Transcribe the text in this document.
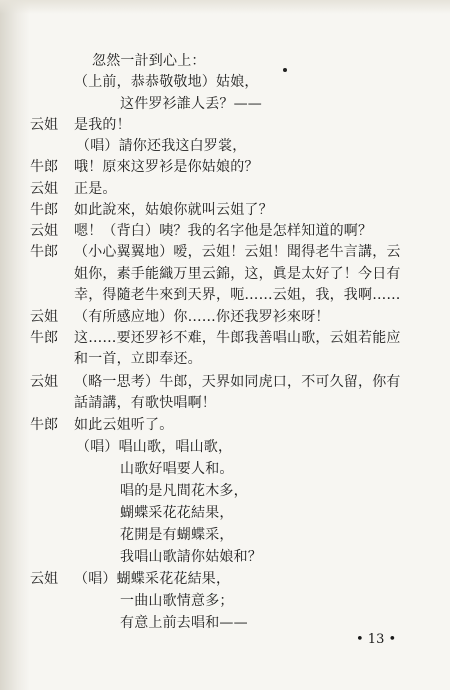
忽然一計到心上：
（上前，恭恭敬敬地）姑娘，
这件罗衫誰人丢？——
云姐 是我的！
（唱）請你还我这白罗裳，
牛郎 哦！原來这罗衫是你姑娘的？
云姐 正是。
牛郎 如此說來，姑娘你就叫云姐了？
云姐 嗯！（背白）咦？我的名字他是怎样知道的啊？
牛郎 （小心翼翼地）嗳，云姐！云姐！聞得老牛言講，云
姐你，素手能織万里云錦，这，眞是太好了！今日有
幸，得隨老牛來到天界，呃……云姐，我，我啊……
云姐 （有所感应地）你……你还我罗衫來呀！
牛郎 这……要还罗衫不难，牛郎我善唱山歌，云姐若能应
和一首，立即奉还。
云姐 （略一思考）牛郎，天界如同虎口，不可久留，你有
話請講，有歌快唱啊！
牛郎 如此云姐听了。
（唱）唱山歌，唱山歌，
山歌好唱要人和。
唱的是凡間花木多，
蝴蝶采花花結果，
花開是有蝴蝶采，
我唱山歌請你姑娘和？
云姐 （唱）蝴蝶采花花結果，
一曲山歌情意多；
有意上前去唱和——
• 13 •
